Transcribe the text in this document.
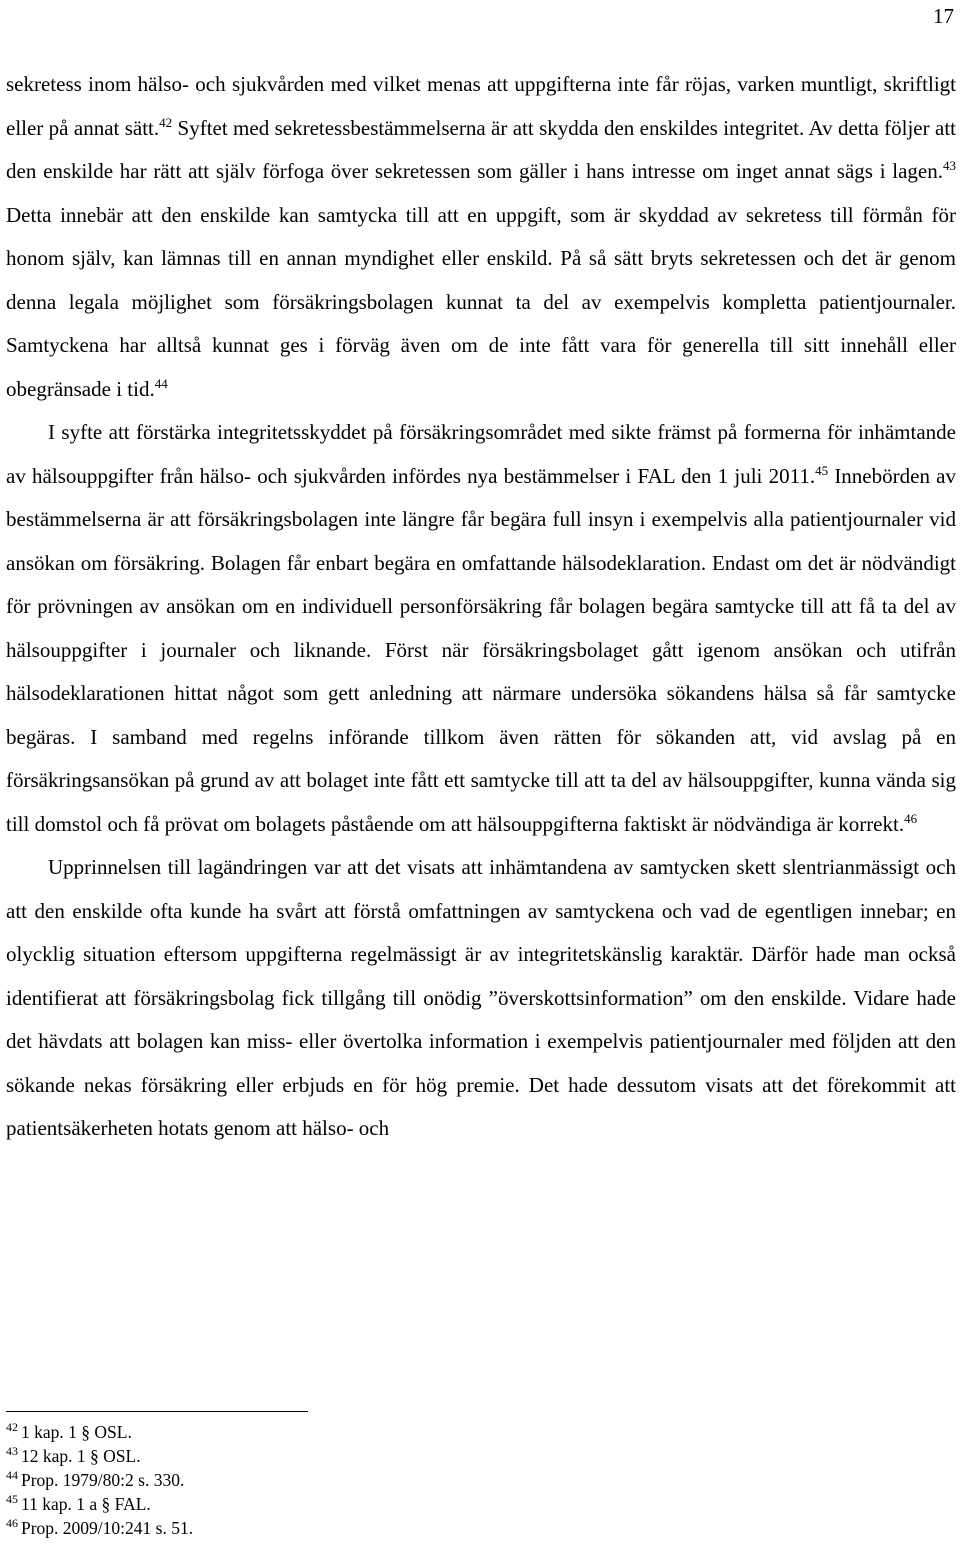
17

sekretess inom hälso- och sjukvården med vilket menas att uppgifterna inte får röjas, varken muntligt, skriftligt eller på annat sätt.$^{42}$ Syftet med sekretessbestämmelserna är att skydda den enskildes integritet. Av detta följer att den enskilde har rätt att själv förfoga över sekretessen som gäller i hans intresse om inget annat sägs i lagen.$^{43}$ Detta innebär att den enskilde kan samtycka till att en uppgift, som är skyddad av sekretess till förmån för honom själv, kan lämnas till en annan myndighet eller enskild. På så sätt bryts sekretessen och det är genom denna legala möjlighet som försäkringsbolagen kunnat ta del av exempelvis kompletta patientjournaler. Samtyckena har alltså kunnat ges i förväg även om de inte fått vara för generella till sitt innehåll eller obegränsade i tid.$^{44}$

I syfte att förstärka integritetsskyddet på försäkringsområdet med sikte främst på formerna för inhämtande av hälsouppgifter från hälso- och sjukvården infördes nya bestämmelser i FAL den 1 juli 2011.45 Innebörden av bestämmelserna är att försäkringsbolagen inte längre får begära full insyn i exempelvis alla patientjournaler vid ansökan om försäkring. Bolagen får enbart begära en omfattande hälsodeklaration. Endast om det är nödvändigt för prövningen av ansökan om en individuell personförsäkring får bolagen begära samtycke till att få ta del av hälsouppgifter i journaler och liknande. Först när försäkringsbolaget gått igenom ansökan och utifrån hälsodeklarationen hittat något som gett anledning att närmare undersöka sökandens hälsa så får samtycke begäras. I samband med regelns införande tillkom även rätten för sökanden att, vid avslag på en försäkringsansökan på grund av att bolaget inte fått ett samtycke till att ta del av hälsouppgifter, kunna vända sig till domstol och få prövat om bolagets påstående om att hälsouppgifterna faktiskt är nödvändiga är korrekt.$^{46}$

Upprinnelsen till lagändringen var att det visats att inhämtandena av samtycken skett slentrianmässigt och att den enskilde ofta kunde ha svårt att förstå omfattningen av samtyckena och vad de egentligen innebar; en olycklig situation eftersom uppgifterna regelmässigt är av integritetskänslig karaktär. Därför hade man också identifierat att försäkringsbolag fick tillgång till onödig ”överskottsinformation” om den enskilde. Vidare hade det hävdats att bolagen kan miss- eller övertolka information i exempelvis patientjournaler med följden att den sökande nekas försäkring eller erbjuds en för hög premie. Det hade dessutom visats att det förekommit att patientsäkerheten hotats genom att hälso- och

$^{42}$ 1 kap. 1 § OSL.
$^{43}$ 12 kap. 1 § OSL.
$^{44}$ Prop. 1979/80:2 s. 330.
$^{45}$ 11 kap. 1 a § FAL.
$^{46}$ Prop. 2009/10:241 s. 51.
